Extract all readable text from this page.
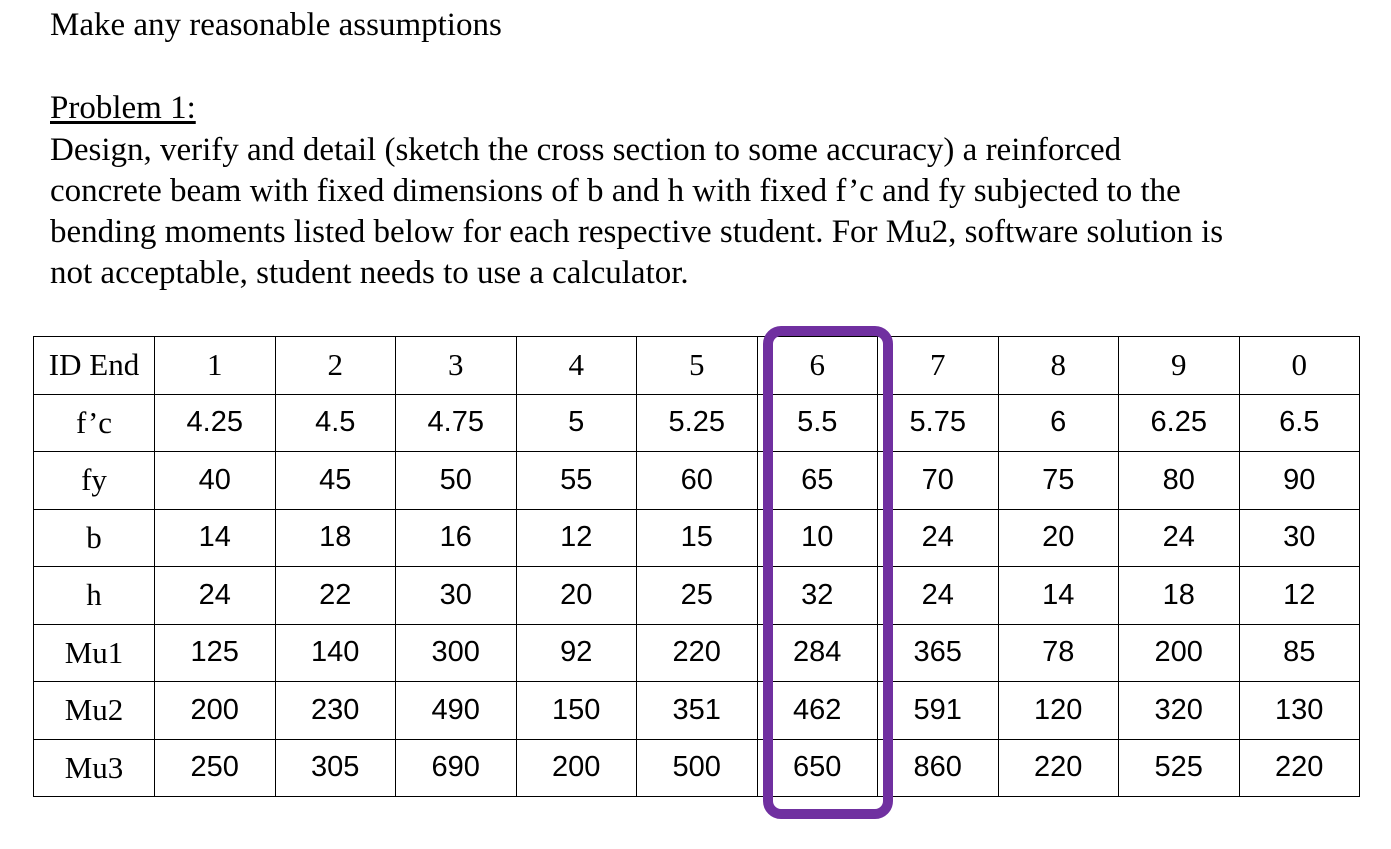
Make any reasonable assumptions

Problem 1:

Design, verify and detail (sketch the cross section to some accuracy) a reinforced
concrete beam with fixed dimensions of b and h with fixed f’c and fy subjected to the
bending moments listed below for each respective student. For Mu2, software solution is
not acceptable, student needs to use a calculator.

ID End	1	2	3	4	5	6	7	8	9	0
f’c	4.25	4.5	4.75	5	5.25	5.5	5.75	6	6.25	6.5
fy	40	45	50	55	60	65	70	75	80	90
b	14	18	16	12	15	10	24	20	24	30
h	24	22	30	20	25	32	24	14	18	12
Mu1	125	140	300	92	220	284	365	78	200	85
Mu2	200	230	490	150	351	462	591	120	320	130
Mu3	250	305	690	200	500	650	860	220	525	220
